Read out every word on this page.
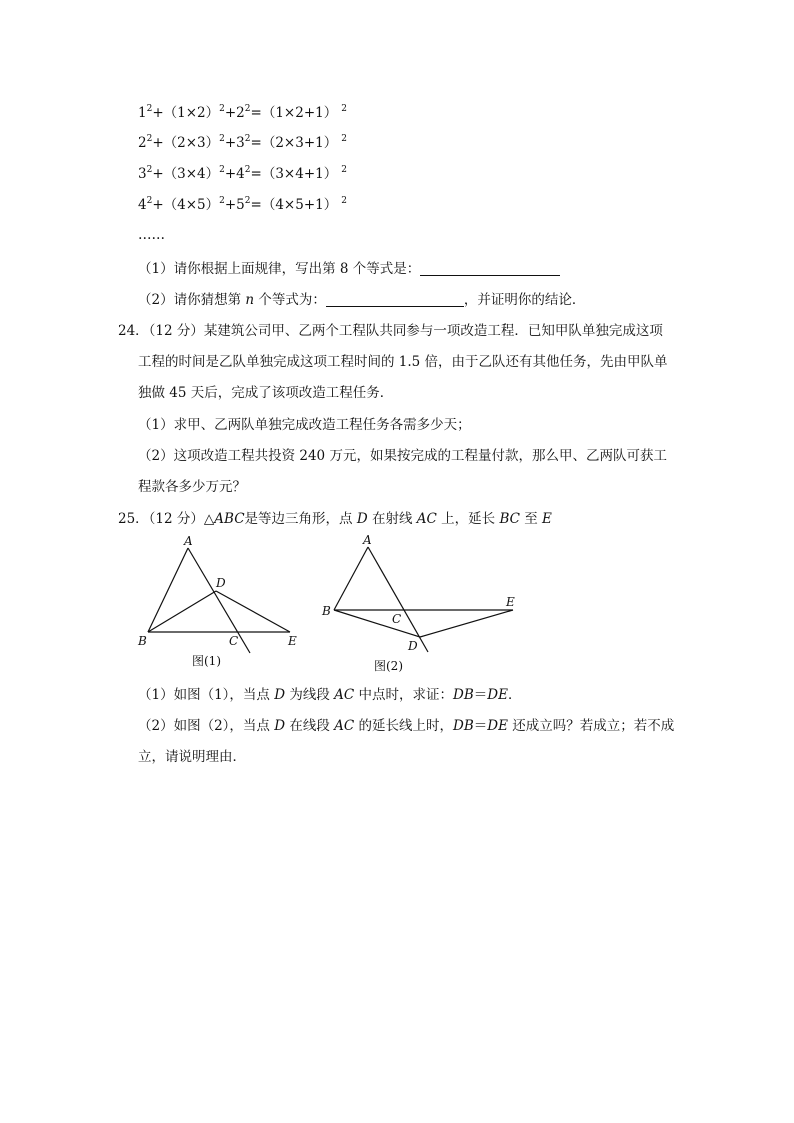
$1^2+(1\times 2)^2+2^2=(1\times 2+1)$ $^2$
$2^2+(2\times 3)^2+3^2=(2\times 3+1)$ $^2$
$3^2+(3\times 4)^2+4^2=(3\times 4+1)$ $^2$
$4^2+(4\times 5)^2+5^2=(4\times 5+1)$ $^2$
……
（1）请你根据上面规律，写出第 8 个等式是：
（2）请你猜想第 n 个等式为：	，并证明你的结论．
24．（12 分）某建筑公司甲、乙两个工程队共同参与一项改造工程．已知甲队单独完成这项
工程的时间是乙队单独完成这项工程时间的 1.5 倍，由于乙队还有其他任务，先由甲队单
独做 45 天后，完成了该项改造工程任务．
（1）求甲、乙两队单独完成改造工程任务各需多少天；
（2）这项改造工程共投资 240 万元，如果按完成的工程量付款，那么甲、乙两队可获工
程款各多少万元？
25．（12 分）△ABC是等边三角形，点 D 在射线 AC 上，延长 BC 至 E
A
D
B	C	E
图(1)
A
B
C
E
D
图(2)
（1）如图（1），当点 D 为线段 AC 中点时，求证：DB＝DE．
（2）如图（2），当点 D 在线段 AC 的延长线上时，DB＝DE 还成立吗？若成立；若不成
立，请说明理由．
